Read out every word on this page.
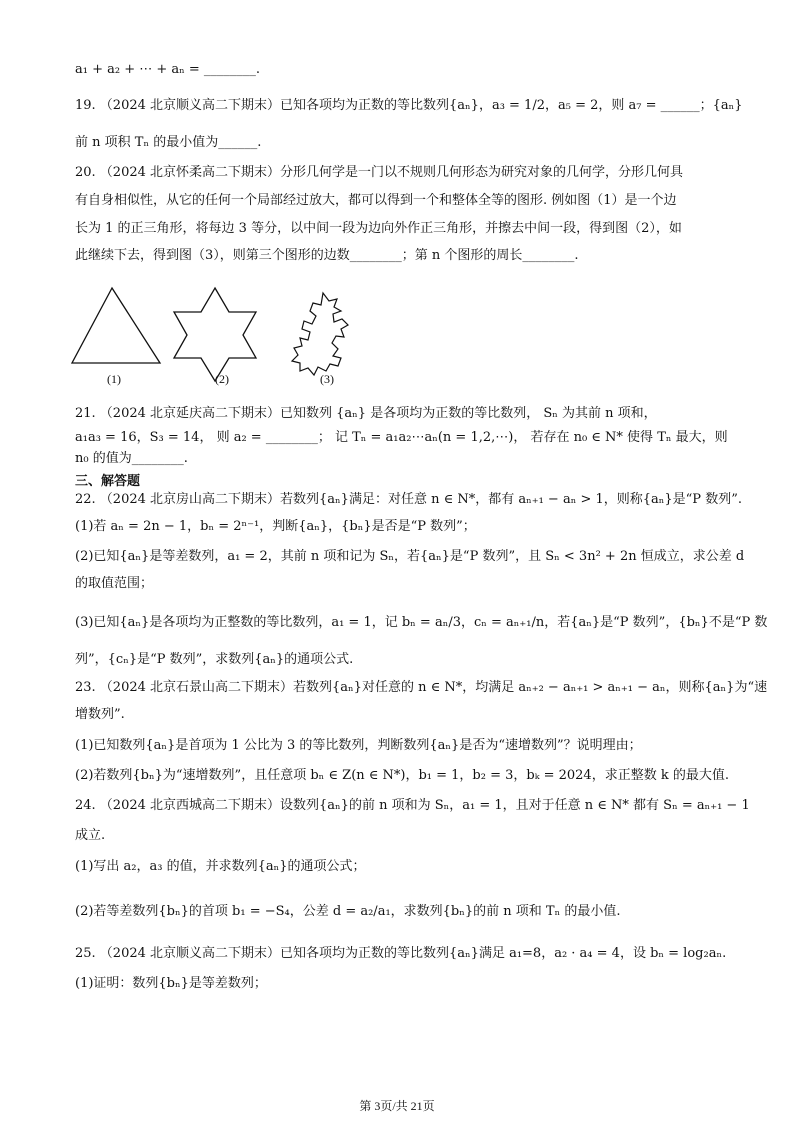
a₁ + a₂ + ⋯ + aₙ = ________.
19. （2024 北京顺义高二下期末）已知各项均为正数的等比数列{aₙ}，a₃ = 1/2，a₅ = 2，则 a₇ = ______；{aₙ}
前 n 项积 Tₙ 的最小值为______.
20. （2024 北京怀柔高二下期末）分形几何学是一门以不规则几何形态为研究对象的几何学，分形几何具
有自身相似性，从它的任何一个局部经过放大，都可以得到一个和整体全等的图形. 例如图（1）是一个边
长为 1 的正三角形，将每边 3 等分，以中间一段为边向外作正三角形，并擦去中间一段，得到图（2），如
此继续下去，得到图（3），则第三个图形的边数________；第 n 个图形的周长________.
(1)	(2)	(3)
21. （2024 北京延庆高二下期末）已知数列 {aₙ} 是各项均为正数的等比数列， Sₙ 为其前 n 项和，
a₁a₃ = 16，S₃ = 14， 则 a₂ = ________； 记 Tₙ = a₁a₂⋯aₙ(n = 1,2,⋯)， 若存在 n₀ ∈ N* 使得 Tₙ 最大，则
n₀ 的值为________.
三、解答题
22. （2024 北京房山高二下期末）若数列{aₙ}满足：对任意 n ∈ N*，都有 aₙ₊₁ − aₙ > 1，则称{aₙ}是“P 数列”.
(1)若 aₙ = 2n − 1，bₙ = 2ⁿ⁻¹，判断{aₙ}，{bₙ}是否是“P 数列”；
(2)已知{aₙ}是等差数列，a₁ = 2，其前 n 项和记为 Sₙ，若{aₙ}是“P 数列”，且 Sₙ < 3n² + 2n 恒成立，求公差 d
的取值范围；
(3)已知{aₙ}是各项均为正整数的等比数列，a₁ = 1，记 bₙ = aₙ/3，cₙ = aₙ₊₁/n，若{aₙ}是“P 数列”，{bₙ}不是“P 数
列”，{cₙ}是“P 数列”，求数列{aₙ}的通项公式.
23. （2024 北京石景山高二下期末）若数列{aₙ}对任意的 n ∈ N*，均满足 aₙ₊₂ − aₙ₊₁ > aₙ₊₁ − aₙ，则称{aₙ}为“速
增数列”.
(1)已知数列{aₙ}是首项为 1 公比为 3 的等比数列，判断数列{aₙ}是否为“速增数列”？说明理由；
(2)若数列{bₙ}为“速增数列”，且任意项 bₙ ∈ Z(n ∈ N*)，b₁ = 1，b₂ = 3，bₖ = 2024，求正整数 k 的最大值.
24. （2024 北京西城高二下期末）设数列{aₙ}的前 n 项和为 Sₙ，a₁ = 1，且对于任意 n ∈ N* 都有 Sₙ = aₙ₊₁ − 1
成立.
(1)写出 a₂，a₃ 的值，并求数列{aₙ}的通项公式；
(2)若等差数列{bₙ}的首项 b₁ = −S₄，公差 d = a₂/a₁，求数列{bₙ}的前 n 项和 Tₙ 的最小值.
25. （2024 北京顺义高二下期末）已知各项均为正数的等比数列{aₙ}满足 a₁=8，a₂ · a₄ = 4，设 bₙ = log₂aₙ.
(1)证明：数列{bₙ}是等差数列；
第 3页/共 21页
